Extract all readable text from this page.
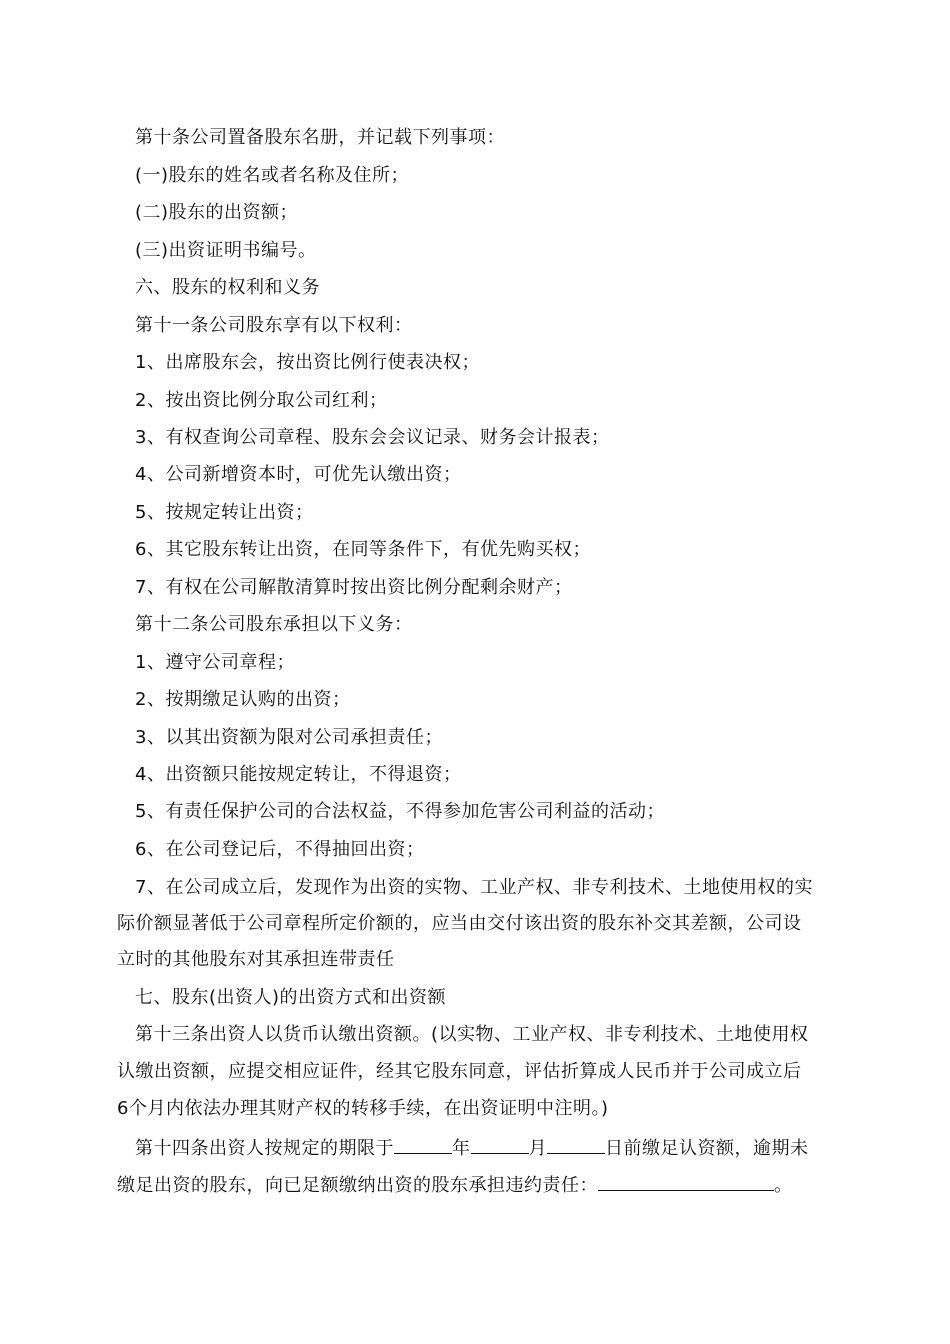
第十条公司置备股东名册，并记载下列事项：
(一)股东的姓名或者名称及住所；
(二)股东的出资额；
(三)出资证明书编号。
六、股东的权利和义务
第十一条公司股东享有以下权利：
1、出席股东会，按出资比例行使表决权；
2、按出资比例分取公司红利；
3、有权查询公司章程、股东会会议记录、财务会计报表；
4、公司新增资本时，可优先认缴出资；
5、按规定转让出资；
6、其它股东转让出资，在同等条件下，有优先购买权；
7、有权在公司解散清算时按出资比例分配剩余财产；
第十二条公司股东承担以下义务：
1、遵守公司章程；
2、按期缴足认购的出资；
3、以其出资额为限对公司承担责任；
4、出资额只能按规定转让，不得退资；
5、有责任保护公司的合法权益，不得参加危害公司利益的活动；
6、在公司登记后，不得抽回出资；
7、在公司成立后，发现作为出资的实物、工业产权、非专利技术、土地使用权的实
际价额显著低于公司章程所定价额的，应当由交付该出资的股东补交其差额，公司设
立时的其他股东对其承担连带责任
七、股东(出资人)的出资方式和出资额
第十三条出资人以货币认缴出资额。(以实物、工业产权、非专利技术、土地使用权
认缴出资额，应提交相应证件，经其它股东同意，评估折算成人民币并于公司成立后
6个月内依法办理其财产权的转移手续，在出资证明中注明。)
第十四条出资人按规定的期限于	年	月	日前缴足认资额，逾期未
缴足出资的股东，向已足额缴纳出资的股东承担违约责任：	。
